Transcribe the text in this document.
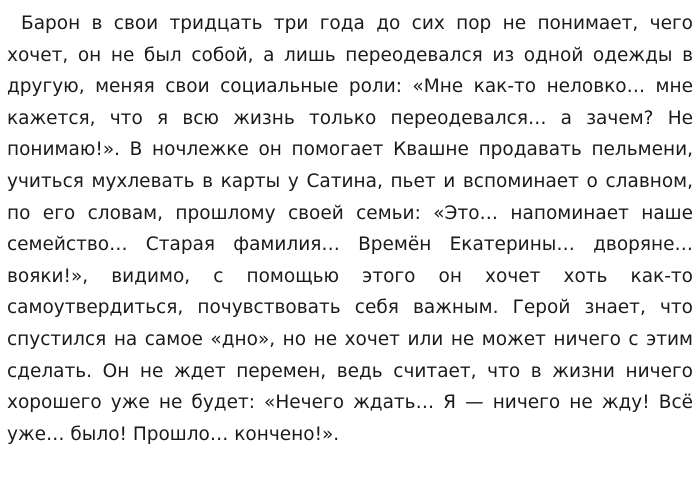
Барон в свои тридцать три года до сих пор не понимает, чего хочет, он не был собой, а лишь переодевался из одной одежды в другую, меняя свои социальные роли: «Мне как-то неловко… мне кажется, что я всю жизнь только переодевался… а зачем? Не понимаю!». В ночлежке он помогает Квашне продавать пельмени, учиться мухлевать в карты у Сатина, пьет и вспоминает о славном, по его словам, прошлому своей семьи: «Это… напоминает наше семейство… Старая фамилия… Времён Екатерины… дворяне… вояки!», видимо, с помощью этого он хочет хоть как-то самоутвердиться, почувствовать себя важным. Герой знает, что спустился на самое «дно», но не хочет или не может ничего с этим сделать. Он не ждет перемен, ведь считает, что в жизни ничего хорошего уже не будет: «Нечего ждать… Я — ничего не жду! Всё уже… было! Прошло… кончено!».
